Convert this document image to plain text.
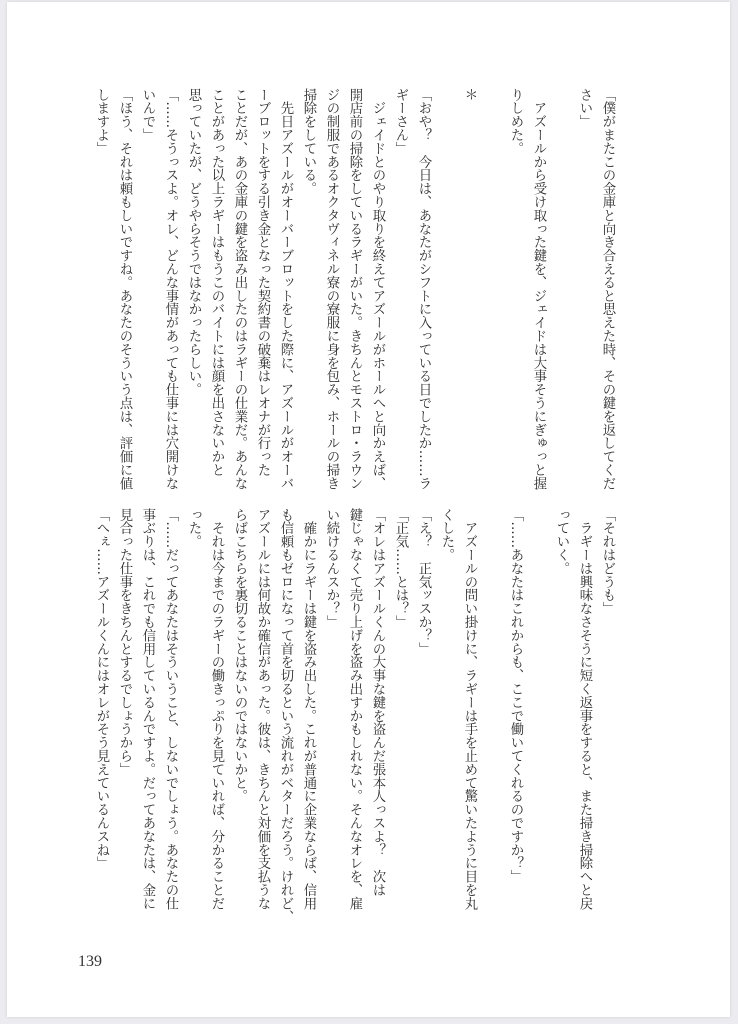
「僕がまたこの金庫と向き合えると思えた時、その鍵を返してくだ
さい」
　アズールから受け取った鍵を、ジェイドは大事そうにぎゅっと握
りしめた。
＊
「おや？　今日は、あなたがシフトに入っている日でしたか……ラ
ギーさん」
　ジェイドとのやり取りを終えてアズールがホールへと向かえば、
開店前の掃除をしているラギーがいた。きちんとモストロ・ラウン
ジの制服であるオクタヴィネル寮の寮服に身を包み、ホールの掃き
掃除をしている。
　先日アズールがオーバーブロットをした際に、アズールがオーバ
ーブロットをする引き金となった契約書の破棄はレオナが行った
ことだが、あの金庫の鍵を盗み出したのはラギーの仕業だ。あんな
ことがあった以上ラギーはもうこのバイトには顔を出さないかと
思っていたが、どうやらそうではなかったらしい。
「……そうっスよ。オレ、どんな事情があっても仕事には穴開けな
いんで」
「ほう、それは頼もしいですね。あなたのそういう点は、評価に値
しますよ」
「それはどうも」
　ラギーは興味なさそうに短く返事をすると、また掃き掃除へと戻
っていく。
「……あなたはこれからも、ここで働いてくれるのですか？」
　アズールの問い掛けに、ラギーは手を止めて驚いたように目を丸
くした。
「え？　正気ッスか？」
「正気……とは？」
「オレはアズールくんの大事な鍵を盗んだ張本人っスよ？　次は
鍵じゃなくて売り上げを盗み出すかもしれない。そんなオレを、雇
い続けるんスか？」
　確かにラギーは鍵を盗み出した。これが普通に企業ならば、信用
も信頼もゼロになって首を切るという流れがベターだろう。けれど、
アズールには何故か確信があった。彼は、きちんと対価を支払うな
らばこちらを裏切ることはないのではないかと。
　それは今までのラギーの働きっぷりを見ていれば、分かることだ
った。
「……だってあなたはそういうこと、しないでしょう。あなたの仕
事ぶりは、これでも信用しているんですよ。だってあなたは、金に
見合った仕事をきちんとするでしょうから」
「へぇ……アズールくんにはオレがそう見えているんスね」
139
